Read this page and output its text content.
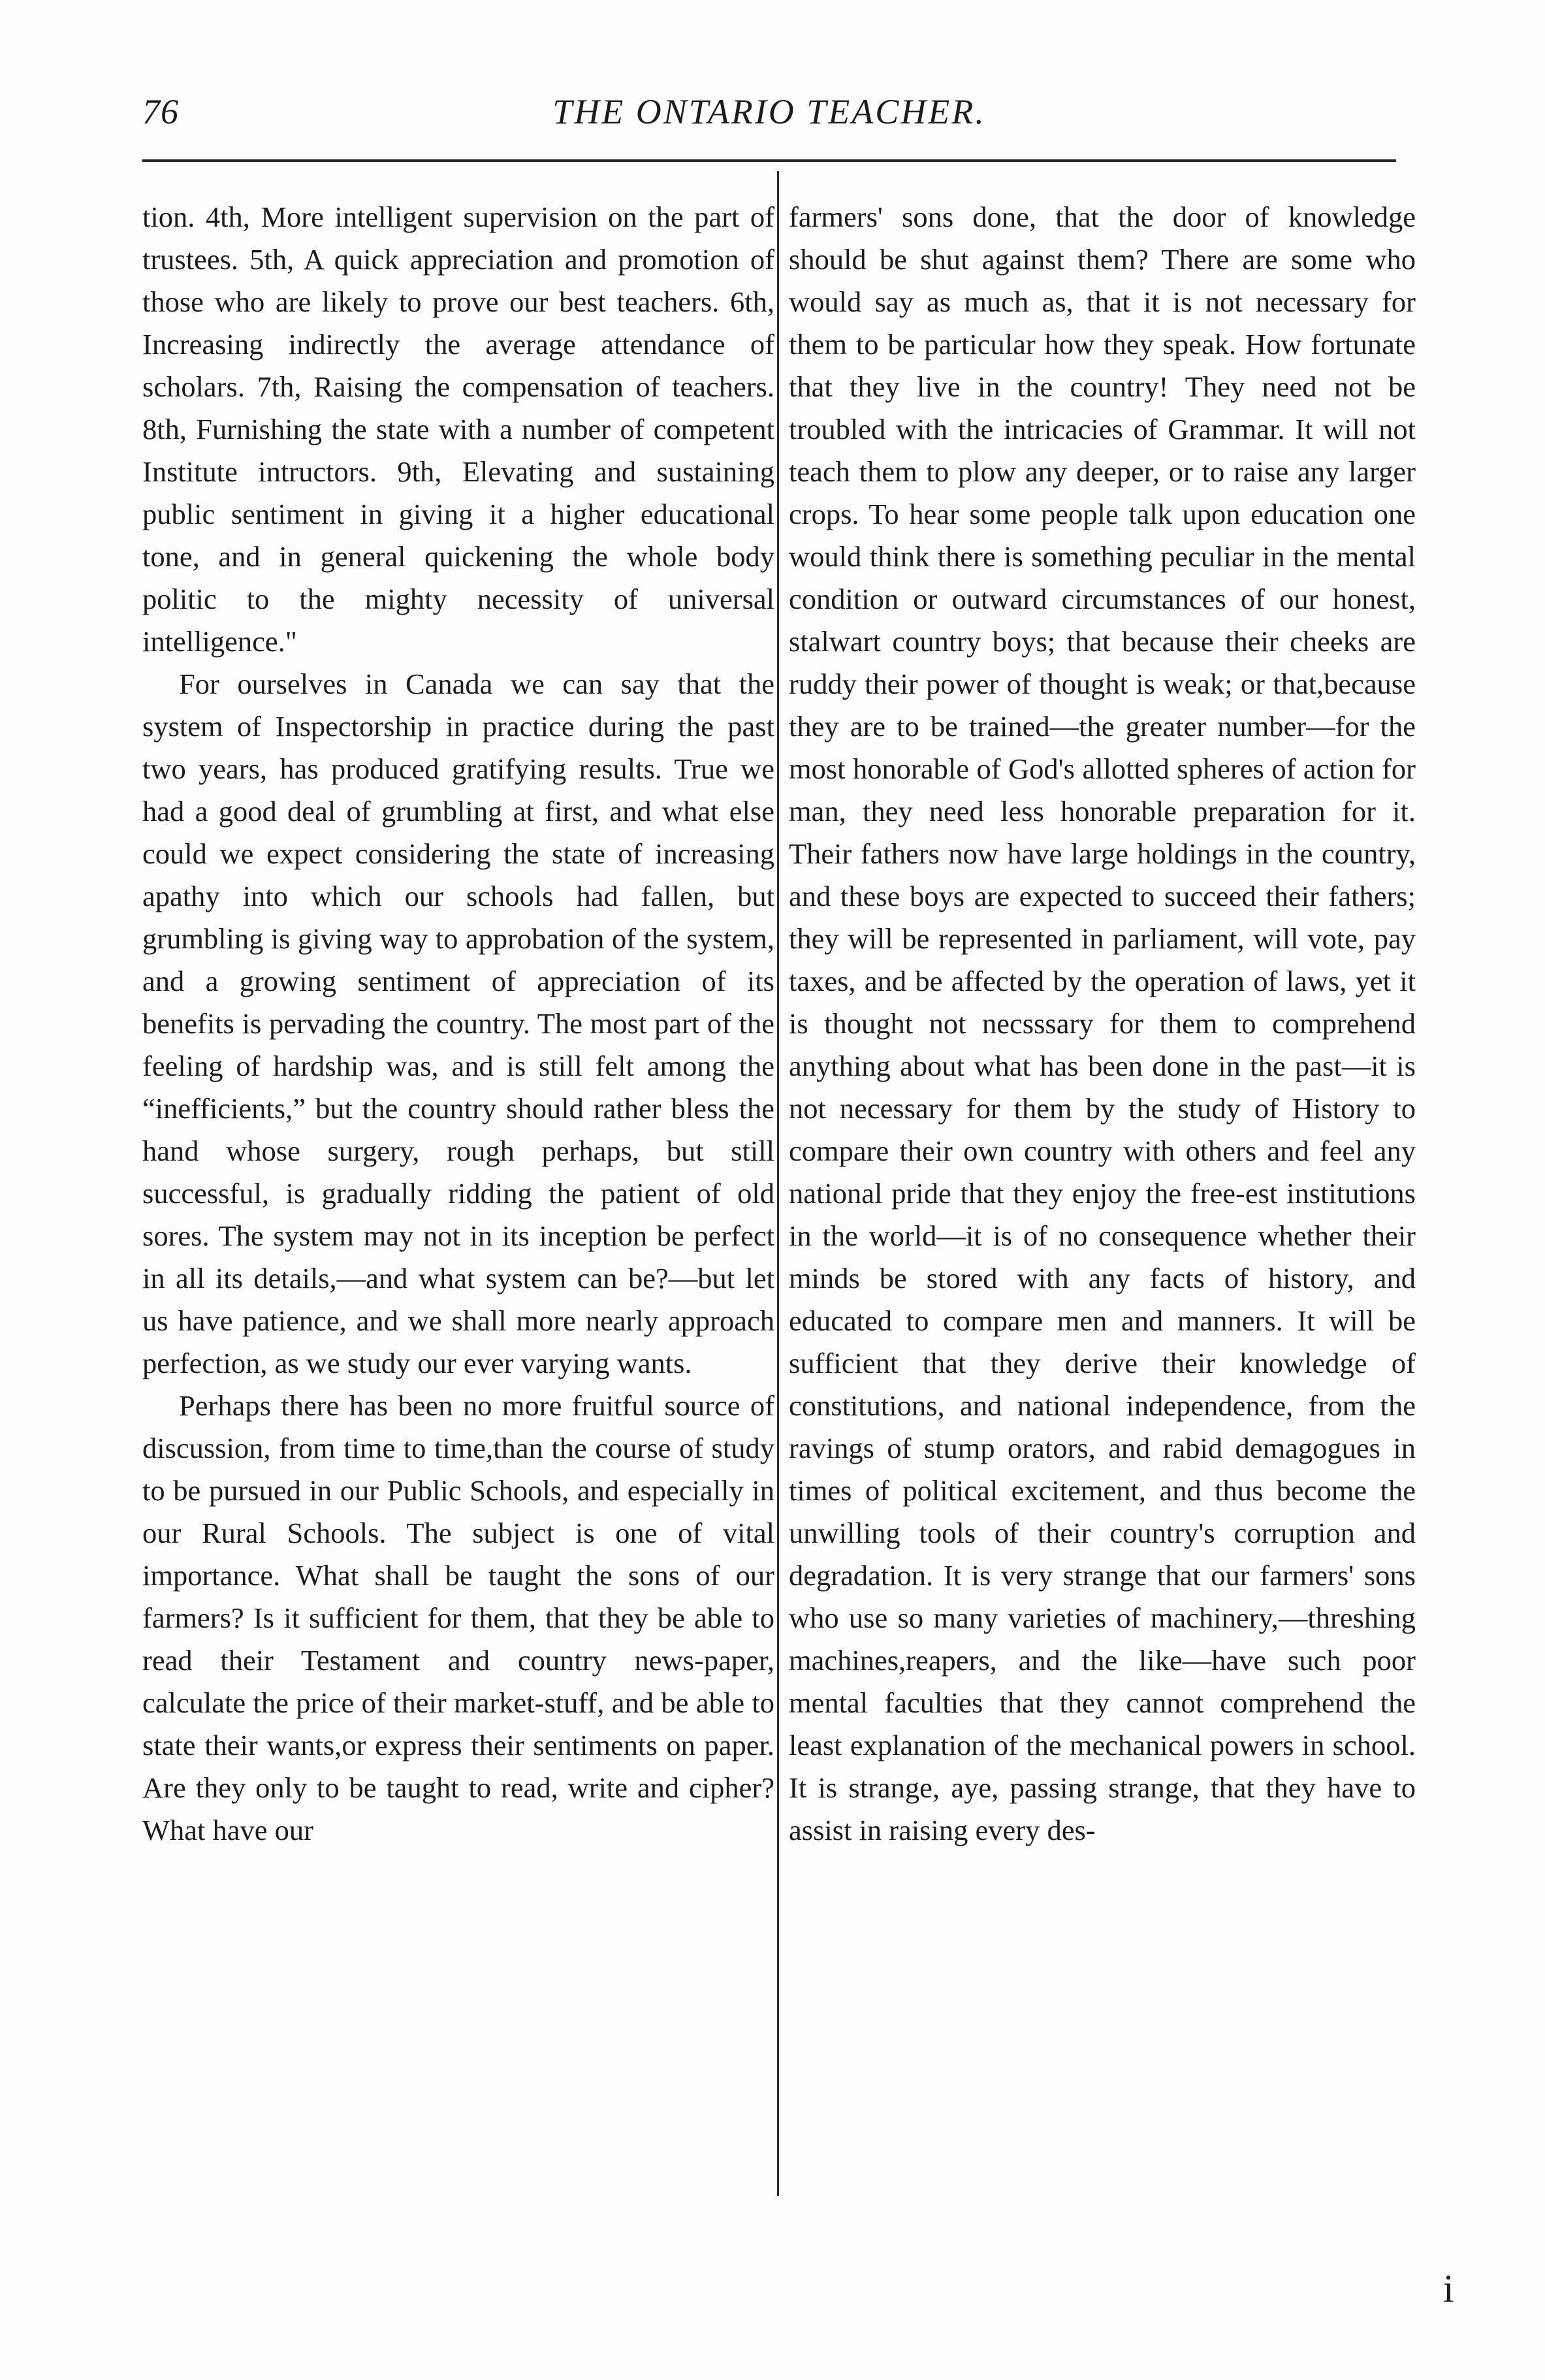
76	THE ONTARIO TEACHER.

tion. 4th, More intelligent supervision on the part of trustees. 5th, A quick appreciation and promotion of those who are likely to prove our best teachers. 6th, Increasing indirectly the average attendance of scholars. 7th, Raising the compensation of teachers. 8th, Furnishing the state with a number of competent Institute intructors. 9th, Elevating and sustaining public sentiment in giving it a higher educational tone, and in general quickening the whole body politic to the mighty necessity of universal intelligence."

For ourselves in Canada we can say that the system of Inspectorship in practice during the past two years, has produced gratifying results. True we had a good deal of grumbling at first, and what else could we expect considering the state of increasing apathy into which our schools had fallen, but grumbling is giving way to approbation of the system, and a growing sentiment of appreciation of its benefits is pervading the country. The most part of the feeling of hardship was, and is still felt among the “inefficients,” but the country should rather bless the hand whose surgery, rough perhaps, but still successful, is gradually ridding the patient of old sores. The system may not in its inception be perfect in all its details,—and what system can be?—but let us have patience, and we shall more nearly approach perfection, as we study our ever varying wants.

Perhaps there has been no more fruitful source of discussion, from time to time,than the course of study to be pursued in our Public Schools, and especially in our Rural Schools. The subject is one of vital importance. What shall be taught the sons of our farmers? Is it sufficient for them, that they be able to read their Testament and country news-paper, calculate the price of their market-stuff, and be able to state their wants,or express their sentiments on paper. Are they only to be taught to read, write and cipher? What have our

farmers' sons done, that the door of knowledge should be shut against them? There are some who would say as much as, that it is not necessary for them to be particular how they speak. How fortunate that they live in the country! They need not be troubled with the intricacies of Grammar. It will not teach them to plow any deeper, or to raise any larger crops. To hear some people talk upon education one would think there is something peculiar in the mental condition or outward circumstances of our honest, stalwart country boys; that because their cheeks are ruddy their power of thought is weak; or that,because they are to be trained—the greater number—for the most honorable of God's allotted spheres of action for man, they need less honorable preparation for it. Their fathers now have large holdings in the country, and these boys are expected to succeed their fathers; they will be represented in parliament, will vote, pay taxes, and be affected by the operation of laws, yet it is thought not necsssary for them to comprehend anything about what has been done in the past—it is not necessary for them by the study of History to compare their own country with others and feel any national pride that they enjoy the free-est institutions in the world—it is of no consequence whether their minds be stored with any facts of history, and educated to compare men and manners. It will be sufficient that they derive their knowledge of constitutions, and national independence, from the ravings of stump orators, and rabid demagogues in times of political excitement, and thus become the unwilling tools of their country's corruption and degradation. It is very strange that our farmers' sons who use so many varieties of machinery,—threshing machines,reapers, and the like—have such poor mental faculties that they cannot comprehend the least explanation of the mechanical powers in school. It is strange, aye, passing strange, that they have to assist in raising every des-

i
